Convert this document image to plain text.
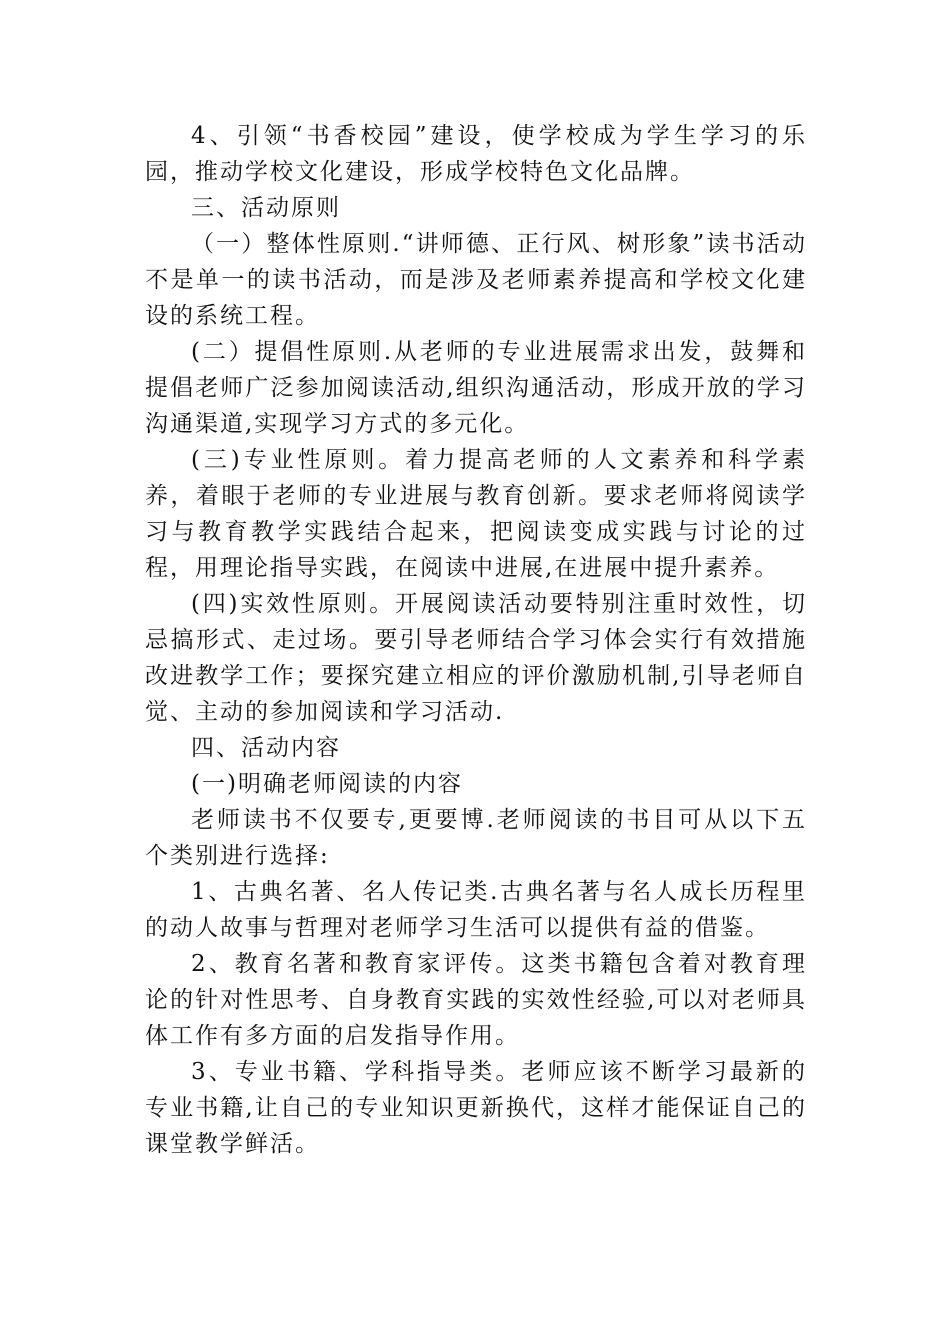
4、引领“书香校园”建设，使学校成为学生学习的乐园，推动学校文化建设，形成学校特色文化品牌。

三、活动原则

（一）整体性原则.“讲师德、正行风、树形象”读书活动不是单一的读书活动，而是涉及老师素养提高和学校文化建设的系统工程。

(二）提倡性原则.从老师的专业进展需求出发，鼓舞和提倡老师广泛参加阅读活动,组织沟通活动，形成开放的学习沟通渠道,实现学习方式的多元化。

(三)专业性原则。着力提高老师的人文素养和科学素养，着眼于老师的专业进展与教育创新。要求老师将阅读学习与教育教学实践结合起来，把阅读变成实践与讨论的过程，用理论指导实践，在阅读中进展,在进展中提升素养。

(四)实效性原则。开展阅读活动要特别注重时效性，切忌搞形式、走过场。要引导老师结合学习体会实行有效措施改进教学工作；要探究建立相应的评价激励机制,引导老师自觉、主动的参加阅读和学习活动.

四、活动内容

(一)明确老师阅读的内容

老师读书不仅要专,更要博.老师阅读的书目可从以下五个类别进行选择:

1、古典名著、名人传记类.古典名著与名人成长历程里的动人故事与哲理对老师学习生活可以提供有益的借鉴。

2、教育名著和教育家评传。这类书籍包含着对教育理论的针对性思考、自身教育实践的实效性经验,可以对老师具体工作有多方面的启发指导作用。

3、专业书籍、学科指导类。老师应该不断学习最新的专业书籍,让自己的专业知识更新换代，这样才能保证自己的课堂教学鲜活。
